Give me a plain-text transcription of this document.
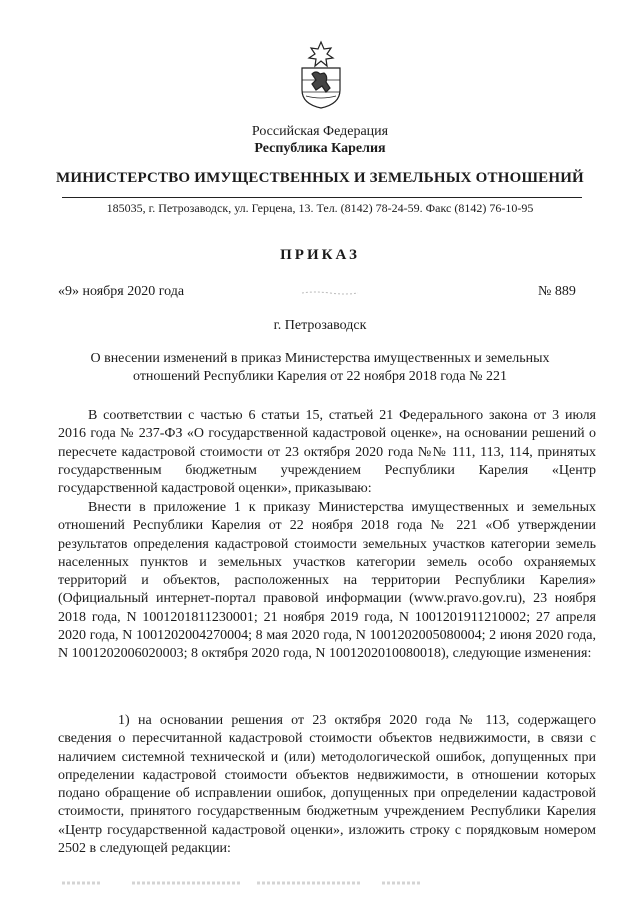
Российская Федерация
Республика Карелия
МИНИСТЕРСТВО ИМУЩЕСТВЕННЫХ И ЗЕМЕЛЬНЫХ ОТНОШЕНИЙ
185035, г. Петрозаводск, ул. Герцена, 13. Тел. (8142) 78-24-59. Факс (8142) 76-10-95
ПРИКАЗ
«9» ноября 2020 года	№ 889
г. Петрозаводск
О внесении изменений в приказ Министерства имущественных и земельных отношений Республики Карелия от 22 ноября 2018 года № 221

В соответствии с частью 6 статьи 15, статьей 21 Федерального закона от 3 июля 2016 года № 237-ФЗ «О государственной кадастровой оценке», на основании решений о пересчете кадастровой стоимости от 23 октября 2020 года №№ 111, 113, 114, принятых государственным бюджетным учреждением Республики Карелия «Центр государственной кадастровой оценки», приказываю:

Внести в приложение 1 к приказу Министерства имущественных и земельных отношений Республики Карелия от 22 ноября 2018 года № 221 «Об утверждении результатов определения кадастровой стоимости земельных участков категории земель населенных пунктов и земельных участков категории земель особо охраняемых территорий и объектов, расположенных на территории Республики Карелия» (Официальный интернет-портал правовой информации (www.pravo.gov.ru), 23 ноября 2018 года, N 1001201811230001; 21 ноября 2019 года, N 1001201911210002; 27 апреля 2020 года, N 1001202004270004; 8 мая 2020 года, N 1001202005080004; 2 июня 2020 года, N 1001202006020003; 8 октября 2020 года, N 1001202010080018), следующие изменения:

1) на основании решения от 23 октября 2020 года № 113, содержащего сведения о пересчитанной кадастровой стоимости объектов недвижимости, в связи с наличием системной технической и (или) методологической ошибок, допущенных при определении кадастровой стоимости объектов недвижимости, в отношении которых подано обращение об исправлении ошибок, допущенных при определении кадастровой стоимости, принятого государственным бюджетным учреждением Республики Карелия «Центр государственной кадастровой оценки», изложить строку с порядковым номером 2502 в следующей редакции:
